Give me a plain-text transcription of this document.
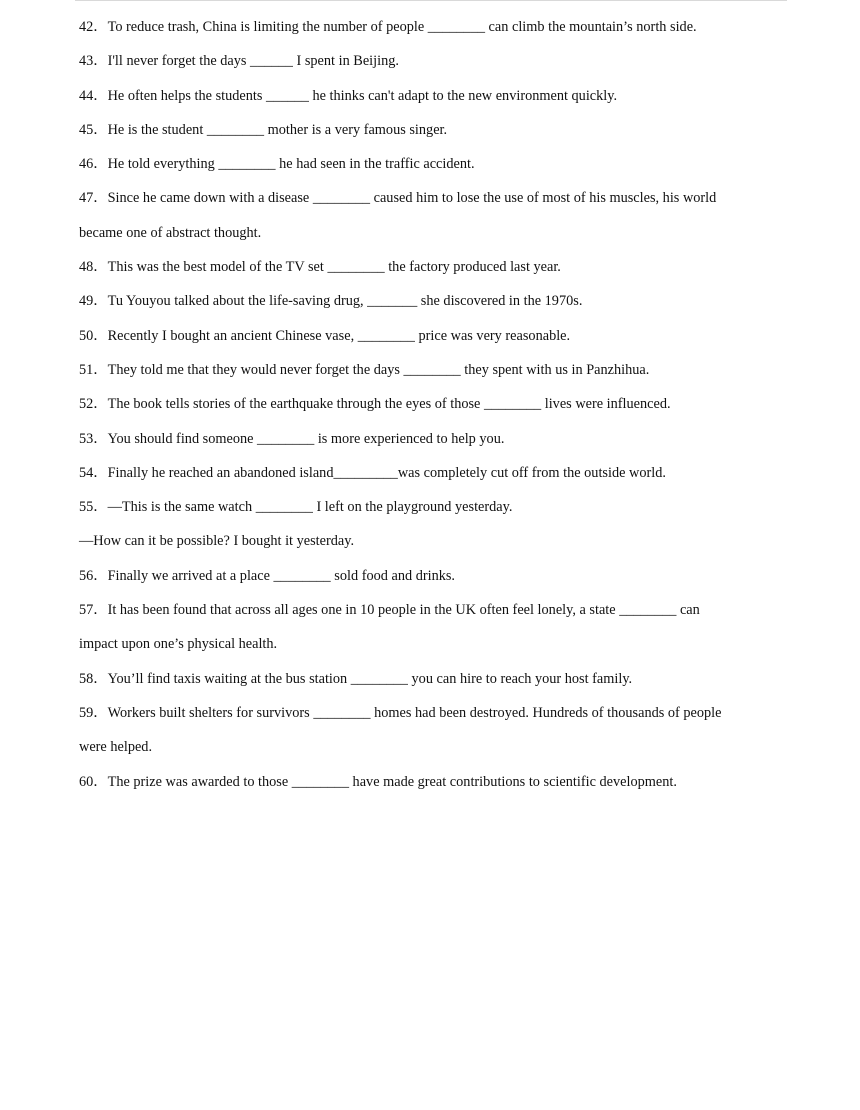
42．To reduce trash, China is limiting the number of people ________ can climb the mountain’s north side.
43．I'll never forget the days ______ I spent in Beijing.
44．He often helps the students ______ he thinks can't adapt to the new environment quickly.
45．He is the student ________ mother is a very famous singer.
46．He told everything ________ he had seen in the traffic accident.
47．Since he came down with a disease ________ caused him to lose the use of most of his muscles, his world
became one of abstract thought.
48．This was the best model of the TV set ________ the factory produced last year.
49．Tu Youyou talked about the life-saving drug, _______ she discovered in the 1970s.
50．Recently I bought an ancient Chinese vase, ________ price was very reasonable.
51．They told me that they would never forget the days ________ they spent with us in Panzhihua.
52．The book tells stories of the earthquake through the eyes of those ________ lives were influenced.
53．You should find someone ________ is more experienced to help you.
54．Finally he reached an abandoned island_________was completely cut off from the outside world.
55．—This is the same watch ________ I left on the playground yesterday.
—How can it be possible? I bought it yesterday.
56．Finally we arrived at a place ________ sold food and drinks.
57．It has been found that across all ages one in 10 people in the UK often feel lonely, a state ________ can
impact upon one’s physical health.
58．You’ll find taxis waiting at the bus station ________ you can hire to reach your host family.
59．Workers built shelters for survivors ________ homes had been destroyed. Hundreds of thousands of people
were helped.
60．The prize was awarded to those ________ have made great contributions to scientific development.
